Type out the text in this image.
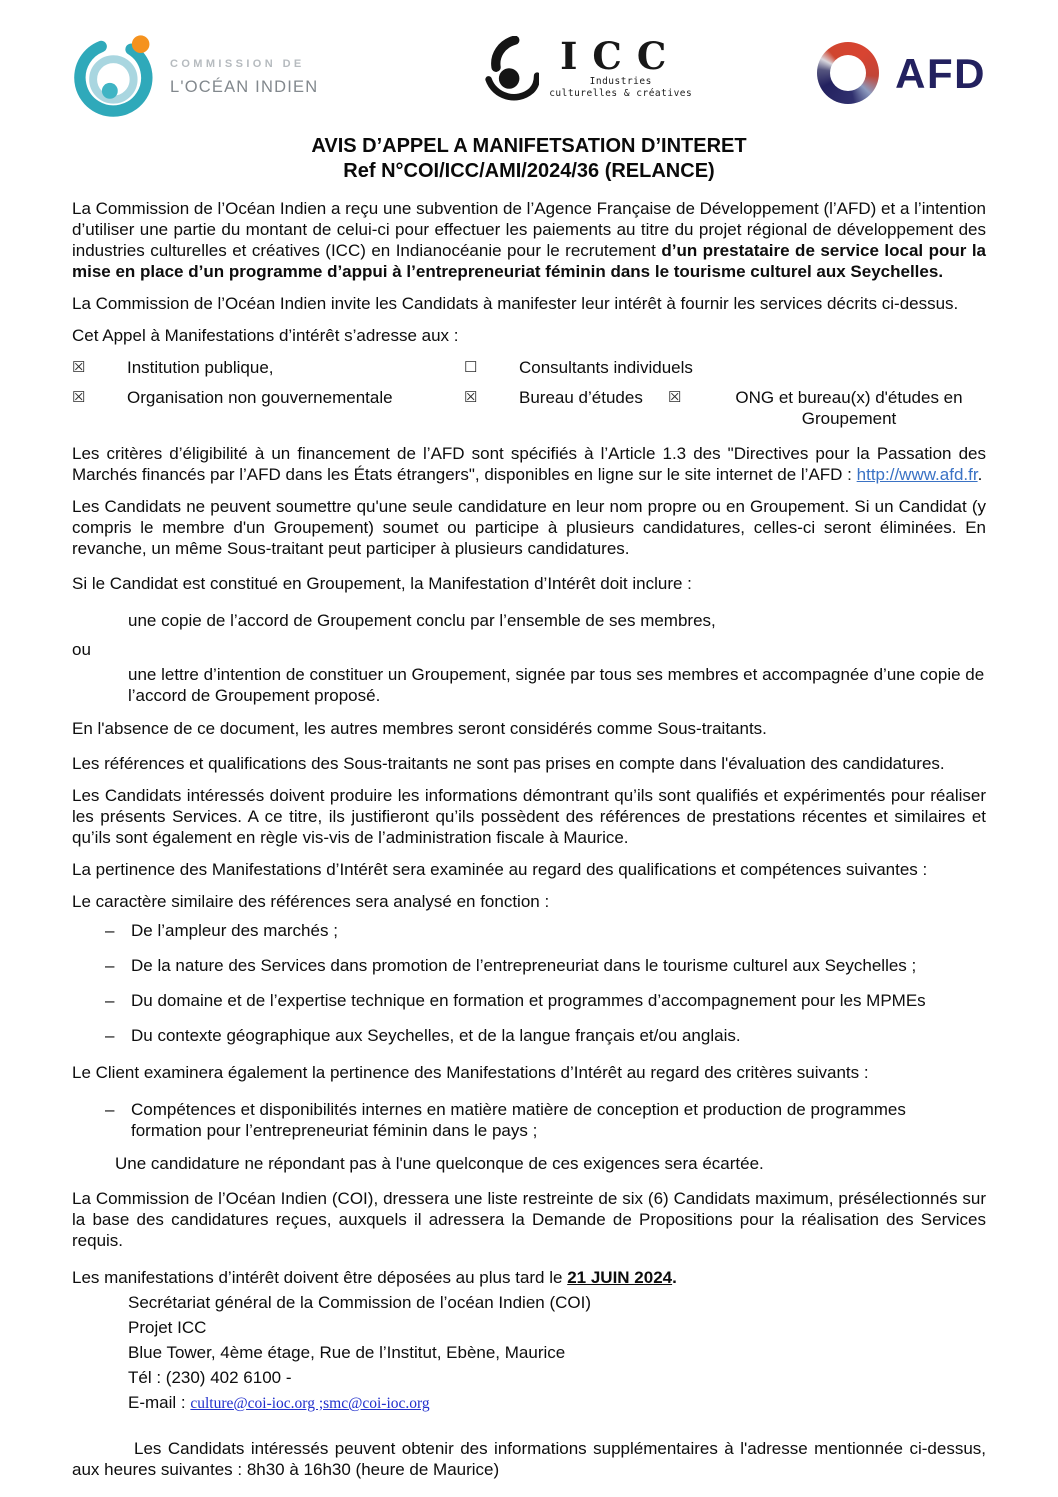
COMMISSION DE
L'OCÉAN INDIEN
ICC
Industries
culturelles & créatives	AFD
AVIS D’APPEL A MANIFETSATION D’INTERET
Ref N°COI/ICC/AMI/2024/36 (RELANCE)

La Commission de l’Océan Indien a reçu une subvention de l’Agence Française de Développement (l’AFD) et a l’intention d’utiliser une partie du montant de celui-ci pour effectuer les paiements au titre du projet régional de développement des industries culturelles et créatives (ICC) en Indianocéanie pour le recrutement d’un prestataire de service local pour la mise en place d’un programme d’appui à l’entrepreneuriat féminin dans le tourisme culturel aux Seychelles.

La Commission de l’Océan Indien invite les Candidats à manifester leur intérêt à fournir les services décrits ci-dessus.

Cet Appel à Manifestations d’intérêt s’adresse aux :

☒	Institution publique,	☐	Consultants individuels
☒	Organisation non gouvernementale	☒	Bureau d’études	☒	ONG et bureau(x) d'études en Groupement

Les critères d’éligibilité à un financement de l’AFD sont spécifiés à l’Article 1.3 des "Directives pour la Passation des Marchés financés par l’AFD dans les États étrangers", disponibles en ligne sur le site internet de l’AFD : http://www.afd.fr.

Les Candidats ne peuvent soumettre qu'une seule candidature en leur nom propre ou en Groupement. Si un Candidat (y compris le membre d'un Groupement) soumet ou participe à plusieurs candidatures, celles-ci seront éliminées. En revanche, un même Sous-traitant peut participer à plusieurs candidatures.

Si le Candidat est constitué en Groupement, la Manifestation d’Intérêt doit inclure :

une copie de l’accord de Groupement conclu par l’ensemble de ses membres,

ou

une lettre d’intention de constituer un Groupement, signée par tous ses membres et accompagnée d’une copie de l’accord de Groupement proposé.

En l'absence de ce document, les autres membres seront considérés comme Sous-traitants.

Les références et qualifications des Sous-traitants ne sont pas prises en compte dans l'évaluation des candidatures.

Les Candidats intéressés doivent produire les informations démontrant qu’ils sont qualifiés et expérimentés pour réaliser les présents Services. A ce titre, ils justifieront qu’ils possèdent des références de prestations récentes et similaires et qu’ils sont également en règle vis-vis de l’administration fiscale à Maurice.

La pertinence des Manifestations d’Intérêt sera examinée au regard des qualifications et compétences suivantes :

Le caractère similaire des références sera analysé en fonction :

– De l’ampleur des marchés ;
– De la nature des Services dans promotion de l’entrepreneuriat dans le tourisme culturel aux Seychelles ;
– Du domaine et de l’expertise technique en formation et programmes d’accompagnement pour les MPMEs
– Du contexte géographique aux Seychelles, et de la langue français et/ou anglais.

Le Client examinera également la pertinence des Manifestations d’Intérêt au regard des critères suivants :

– Compétences et disponibilités internes en matière matière de conception et production de programmes formation pour l’entrepreneuriat féminin dans le pays ;

Une candidature ne répondant pas à l'une quelconque de ces exigences sera écartée.

La Commission de l’Océan Indien (COI), dressera une liste restreinte de six (6) Candidats maximum, présélectionnés sur la base des candidatures reçues, auxquels il adressera la Demande de Propositions pour la réalisation des Services requis.

Les manifestations d’intérêt doivent être déposées au plus tard le 21 JUIN 2024.

Secrétariat général de la Commission de l’océan Indien (COI)
Projet ICC
Blue Tower, 4ème étage, Rue de l’Institut, Ebène, Maurice
Tél : (230) 402 6100 -
E-mail : culture@coi-ioc.org ;smc@coi-ioc.org

Les Candidats intéressés peuvent obtenir des informations supplémentaires à l'adresse mentionnée ci-dessus, aux heures suivantes : 8h30 à 16h30 (heure de Maurice)
